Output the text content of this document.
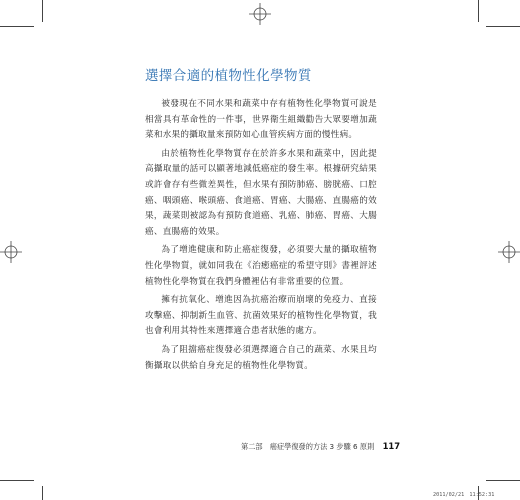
選擇合適的植物性化學物質

被發現在不同水果和蔬菜中存有植物性化學物質可說是相當具有革命性的一件事，世界衛生組織勸告大眾要增加蔬菜和水果的攝取量來預防如心血管疾病方面的慢性病。

由於植物性化學物質存在於許多水果和蔬菜中，因此提高攝取量的話可以顯著地減低癌症的發生率。根據研究結果或許會存有些微差異性，但水果有預防肺癌、膀胱癌、口腔癌、咽頭癌、喉頭癌、食道癌、胃癌、大腸癌、直腸癌的效果，蔬菜則被認為有預防食道癌、乳癌、肺癌、胃癌、大腸癌、直腸癌的效果。

為了增進健康和防止癌症復發，必須要大量的攝取植物性化學物質，就如同我在《治癒癌症的希望守則》書裡評述植物性化學物質在我們身體裡佔有非常重要的位置。

擁有抗氧化、增進因為抗癌治療而崩壞的免疫力、直接攻擊癌、抑制新生血管、抗菌效果好的植物性化學物質，我也會利用其特性來選擇適合患者狀態的處方。

為了阻擋癌症復發必須選擇適合自己的蔬菜、水果且均衡攝取以供給自身充足的植物性化學物質。

第二部　癌症學復發的方法 3 步驟 6 原則 117
2011/02/21　11:52:31
